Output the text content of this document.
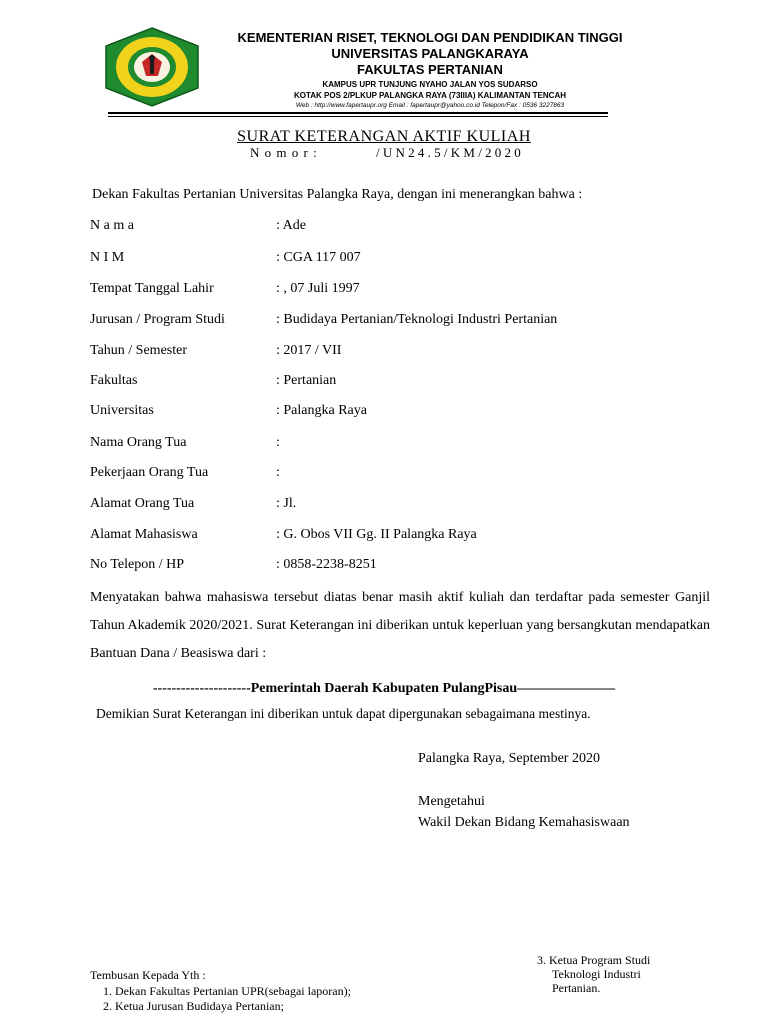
KEMENTERIAN RISET, TEKNOLOGI DAN PENDIDIKAN TINGGI
UNIVERSITAS PALANGKARAYA
FAKULTAS PERTANIAN
KAMPUS UPR TUNJUNG NYAHO JALAN YOS SUDARSO
KOTAK POS 2/PLKUP PALANGKA RAYA (73IIIA) KALIMANTAN TENCAH
Web : http://www.fapertaupr.org Email : fapertaupr@yahoo.co.id Telepon/Fax : 0536 3227863
SURAT KETERANGAN AKTIF KULIAH
N o m o r :	/ U N 2 4 . 5 / K M / 2 0 2 0
Dekan Fakultas Pertanian Universitas Palangka Raya, dengan ini menerangkan bahwa :
N a m a	: Ade
N I M	: CGA 117 007
Tempat Tanggal Lahir	: , 07 Juli 1997
Jurusan / Program Studi	: Budidaya Pertanian/Teknologi Industri Pertanian
Tahun / Semester	: 2017 / VII
Fakultas	: Pertanian
Universitas	: Palangka Raya
Nama Orang Tua	:
Pekerjaan Orang Tua	:
Alamat Orang Tua	: Jl.
Alamat Mahasiswa	: G. Obos VII Gg. II Palangka Raya
No Telepon / HP	: 0858-2238-8251
Menyatakan bahwa mahasiswa tersebut diatas benar masih aktif kuliah dan terdaftar pada semester Ganjil Tahun Akademik 2020/2021. Surat Keterangan ini diberikan untuk keperluan yang bersangkutan mendapatkan Bantuan Dana / Beasiswa dari :
---------------------Pemerintah Daerah Kabupaten PulangPisau———————
Demikian Surat Keterangan ini diberikan untuk dapat dipergunakan sebagaimana mestinya.
Palangka Raya, September 2020
Mengetahui
Wakil Dekan Bidang Kemahasiswaan
3. Ketua Program Studi
Teknologi Industri
Pertanian.
Tembusan Kepada Yth :
1. Dekan Fakultas Pertanian UPR(sebagai laporan);
2. Ketua Jurusan Budidaya Pertanian;
